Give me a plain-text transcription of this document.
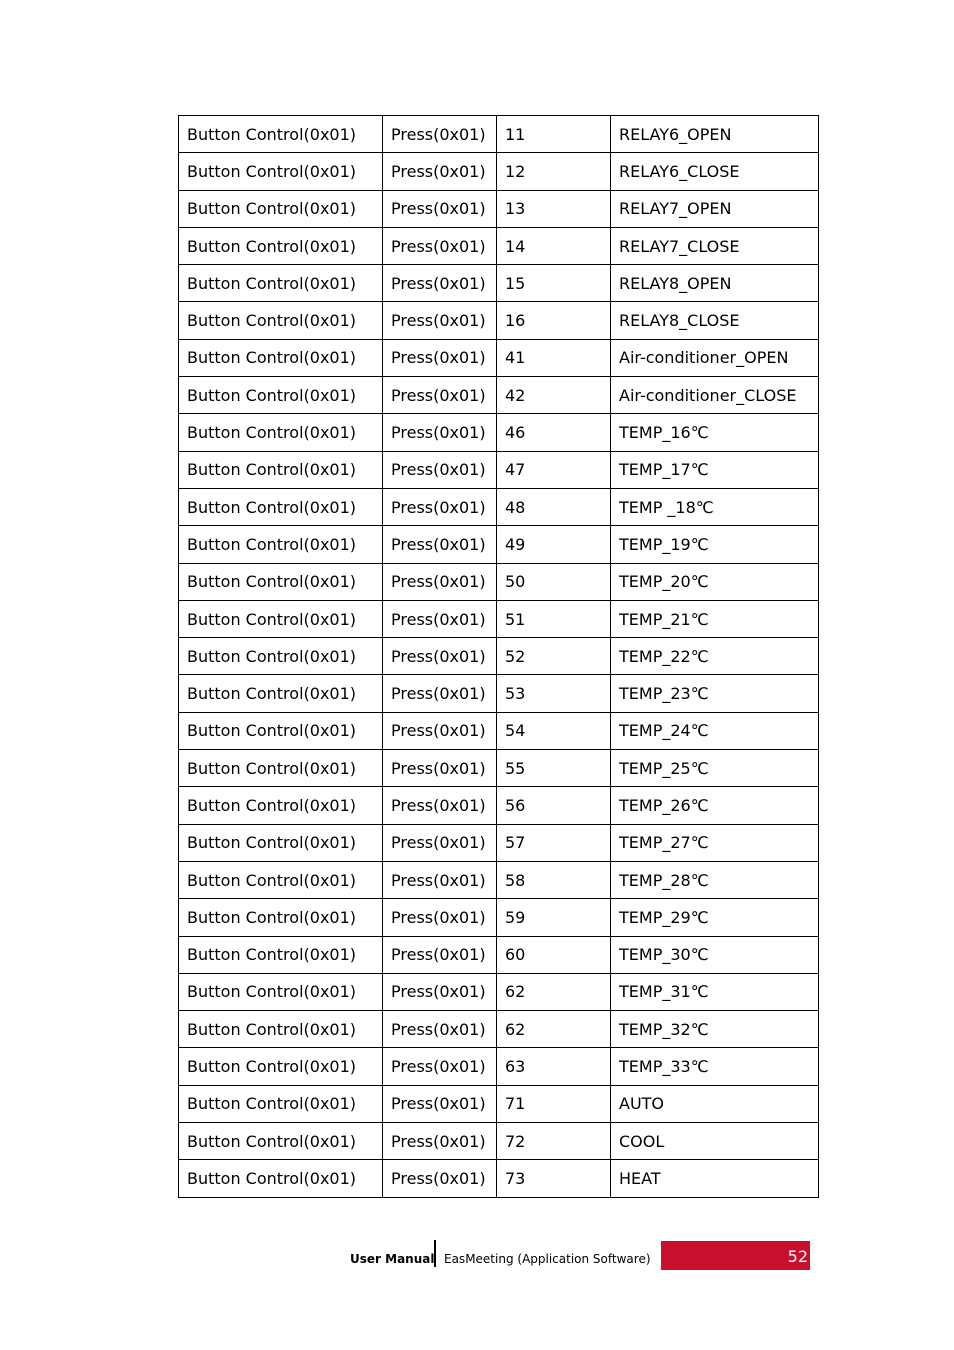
Button Control(0x01)	Press(0x01)	11	RELAY6_OPEN
Button Control(0x01)	Press(0x01)	12	RELAY6_CLOSE
Button Control(0x01)	Press(0x01)	13	RELAY7_OPEN
Button Control(0x01)	Press(0x01)	14	RELAY7_CLOSE
Button Control(0x01)	Press(0x01)	15	RELAY8_OPEN
Button Control(0x01)	Press(0x01)	16	RELAY8_CLOSE
Button Control(0x01)	Press(0x01)	41	Air-conditioner_OPEN
Button Control(0x01)	Press(0x01)	42	Air-conditioner_CLOSE
Button Control(0x01)	Press(0x01)	46	TEMP_16℃
Button Control(0x01)	Press(0x01)	47	TEMP_17℃
Button Control(0x01)	Press(0x01)	48	TEMP _18℃
Button Control(0x01)	Press(0x01)	49	TEMP_19℃
Button Control(0x01)	Press(0x01)	50	TEMP_20℃
Button Control(0x01)	Press(0x01)	51	TEMP_21℃
Button Control(0x01)	Press(0x01)	52	TEMP_22℃
Button Control(0x01)	Press(0x01)	53	TEMP_23℃
Button Control(0x01)	Press(0x01)	54	TEMP_24℃
Button Control(0x01)	Press(0x01)	55	TEMP_25℃
Button Control(0x01)	Press(0x01)	56	TEMP_26℃
Button Control(0x01)	Press(0x01)	57	TEMP_27℃
Button Control(0x01)	Press(0x01)	58	TEMP_28℃
Button Control(0x01)	Press(0x01)	59	TEMP_29℃
Button Control(0x01)	Press(0x01)	60	TEMP_30℃
Button Control(0x01)	Press(0x01)	62	TEMP_31℃
Button Control(0x01)	Press(0x01)	62	TEMP_32℃
Button Control(0x01)	Press(0x01)	63	TEMP_33℃
Button Control(0x01)	Press(0x01)	71	AUTO
Button Control(0x01)	Press(0x01)	72	COOL
Button Control(0x01)	Press(0x01)	73	HEAT
User Manual EasMeeting (Application Software)	52
